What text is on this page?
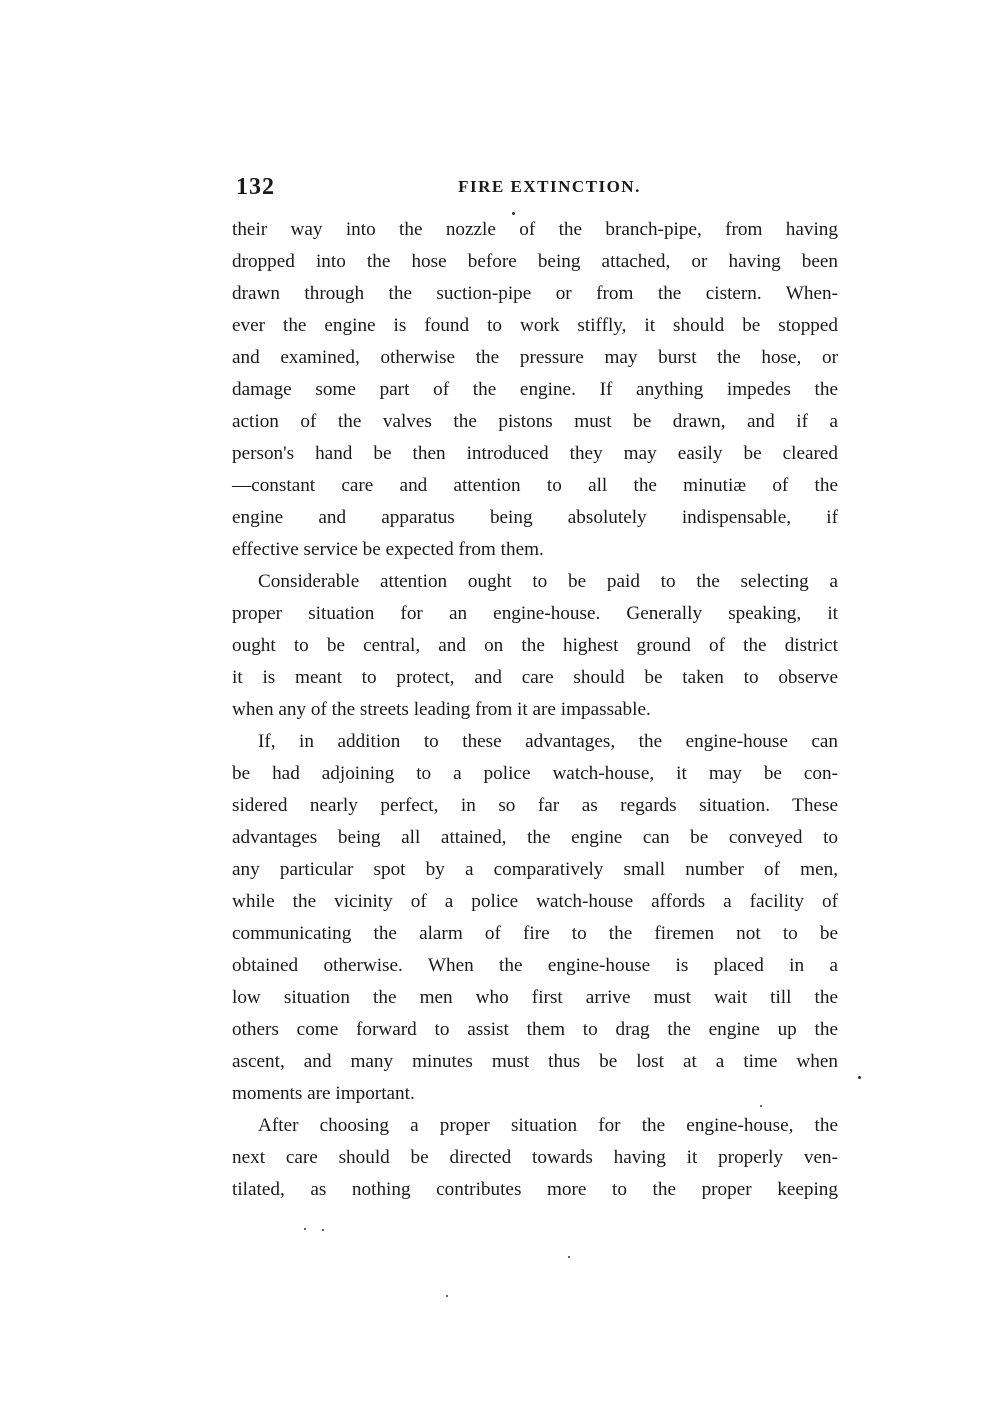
132	FIRE EXTINCTION.
their way into the nozzle of the branch-pipe, from having
dropped into the hose before being attached, or having been
drawn through the suction-pipe or from the cistern. When-
ever the engine is found to work stiffly, it should be stopped
and examined, otherwise the pressure may burst the hose, or
damage some part of the engine. If anything impedes the
action of the valves the pistons must be drawn, and if a
person's hand be then introduced they may easily be cleared
—constant care and attention to all the minutiæ of the
engine and apparatus being absolutely indispensable, if
effective service be expected from them.
Considerable attention ought to be paid to the selecting a
proper situation for an engine-house. Generally speaking, it
ought to be central, and on the highest ground of the district
it is meant to protect, and care should be taken to observe
when any of the streets leading from it are impassable.
If, in addition to these advantages, the engine-house can
be had adjoining to a police watch-house, it may be con-
sidered nearly perfect, in so far as regards situation. These
advantages being all attained, the engine can be conveyed to
any particular spot by a comparatively small number of men,
while the vicinity of a police watch-house affords a facility of
communicating the alarm of fire to the firemen not to be
obtained otherwise. When the engine-house is placed in a
low situation the men who first arrive must wait till the
others come forward to assist them to drag the engine up the
ascent, and many minutes must thus be lost at a time when
moments are important.
After choosing a proper situation for the engine-house, the
next care should be directed towards having it properly ven-
tilated, as nothing contributes more to the proper keeping
